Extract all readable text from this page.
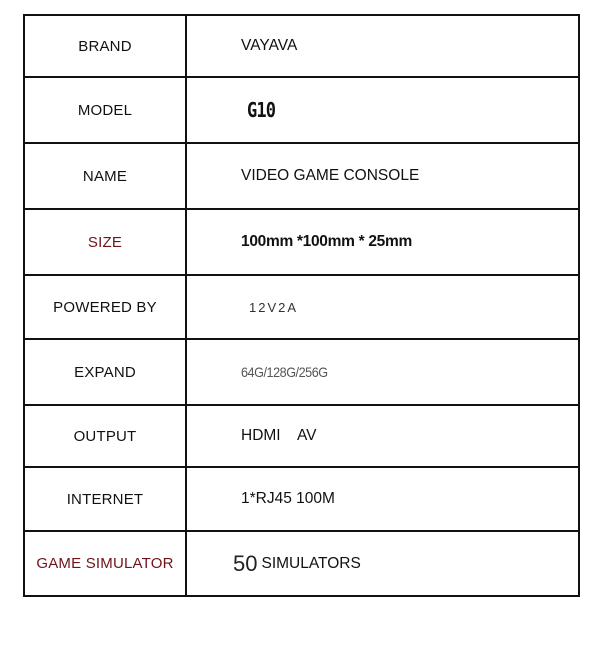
BRAND	VAYAVA
MODEL	G10
NAME	VIDEO GAME CONSOLE
SIZE	100mm *100mm * 25mm
POWERED BY	12V2A
EXPAND	64G/128G/256G
OUTPUT	HDMI    AV
INTERNET	1*RJ45 100M
GAME SIMULATOR	50 SIMULATORS
